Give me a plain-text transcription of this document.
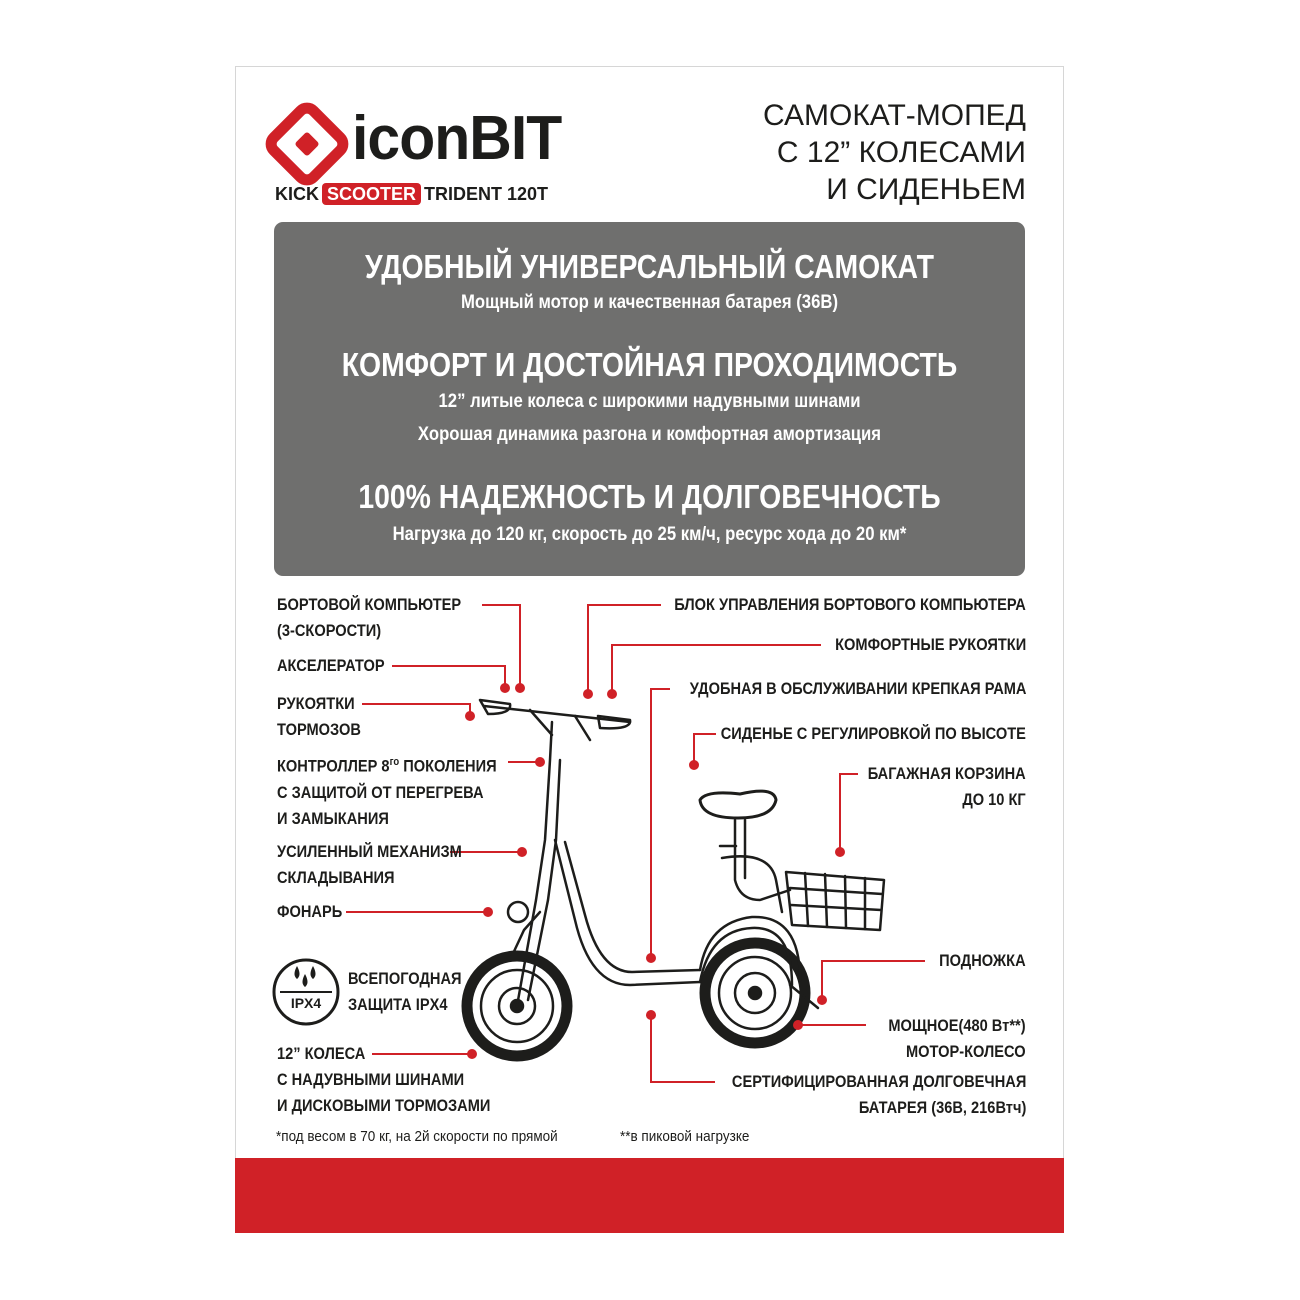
iconBIT
KICK SCOOTER TRIDENT 120T
САМОКАТ-МОПЕД
С 12” КОЛЕСАМИ
И СИДЕНЬЕМ
УДОБНЫЙ УНИВЕРСАЛЬНЫЙ САМОКАТ
Мощный мотор и качественная батарея (36В)
КОМФОРТ И ДОСТОЙНАЯ ПРОХОДИМОСТЬ
12” литые колеса с широкими надувными шинами
Хорошая динамика разгона и комфортная амортизация
100% НАДЕЖНОСТЬ И ДОЛГОВЕЧНОСТЬ
Нагрузка до 120 кг, скорость до 25 км/ч, ресурс хода до 20 км*
IPX4
ВСЕПОГОДНАЯ
ЗАЩИТА IPX4
БОРТОВОЙ КОМПЬЮТЕР
(3-СКОРОСТИ)
АКСЕЛЕРАТОР
РУКОЯТКИ
ТОРМОЗОВ
КОНТРОЛЛЕР $8^{го}$ ПОКОЛЕНИЯ
С ЗАЩИТОЙ ОТ ПЕРЕГРЕВА
И ЗАМЫКАНИЯ
УСИЛЕННЫЙ МЕХАНИЗМ
СКЛАДЫВАНИЯ
ФОНАРЬ
12” КОЛЕСА
С НАДУВНЫМИ ШИНАМИ
И ДИСКОВЫМИ ТОРМОЗАМИ
БЛОК УПРАВЛЕНИЯ БОРТОВОГО КОМПЬЮТЕРА
КОМФОРТНЫЕ РУКОЯТКИ
УДОБНАЯ В ОБСЛУЖИВАНИИ КРЕПКАЯ РАМА
СИДЕНЬЕ С РЕГУЛИРОВКОЙ ПО ВЫСОТЕ
БАГАЖНАЯ КОРЗИНА
ДО 10 КГ
ПОДНОЖКА
МОЩНОЕ(480 Вт**)
МОТОР-КОЛЕСО
СЕРТИФИЦИРОВАННАЯ ДОЛГОВЕЧНАЯ
БАТАРЕЯ (36В, 216Втч)
*под весом в 70 кг, на 2й скорости по прямой	**в пиковой нагрузке
